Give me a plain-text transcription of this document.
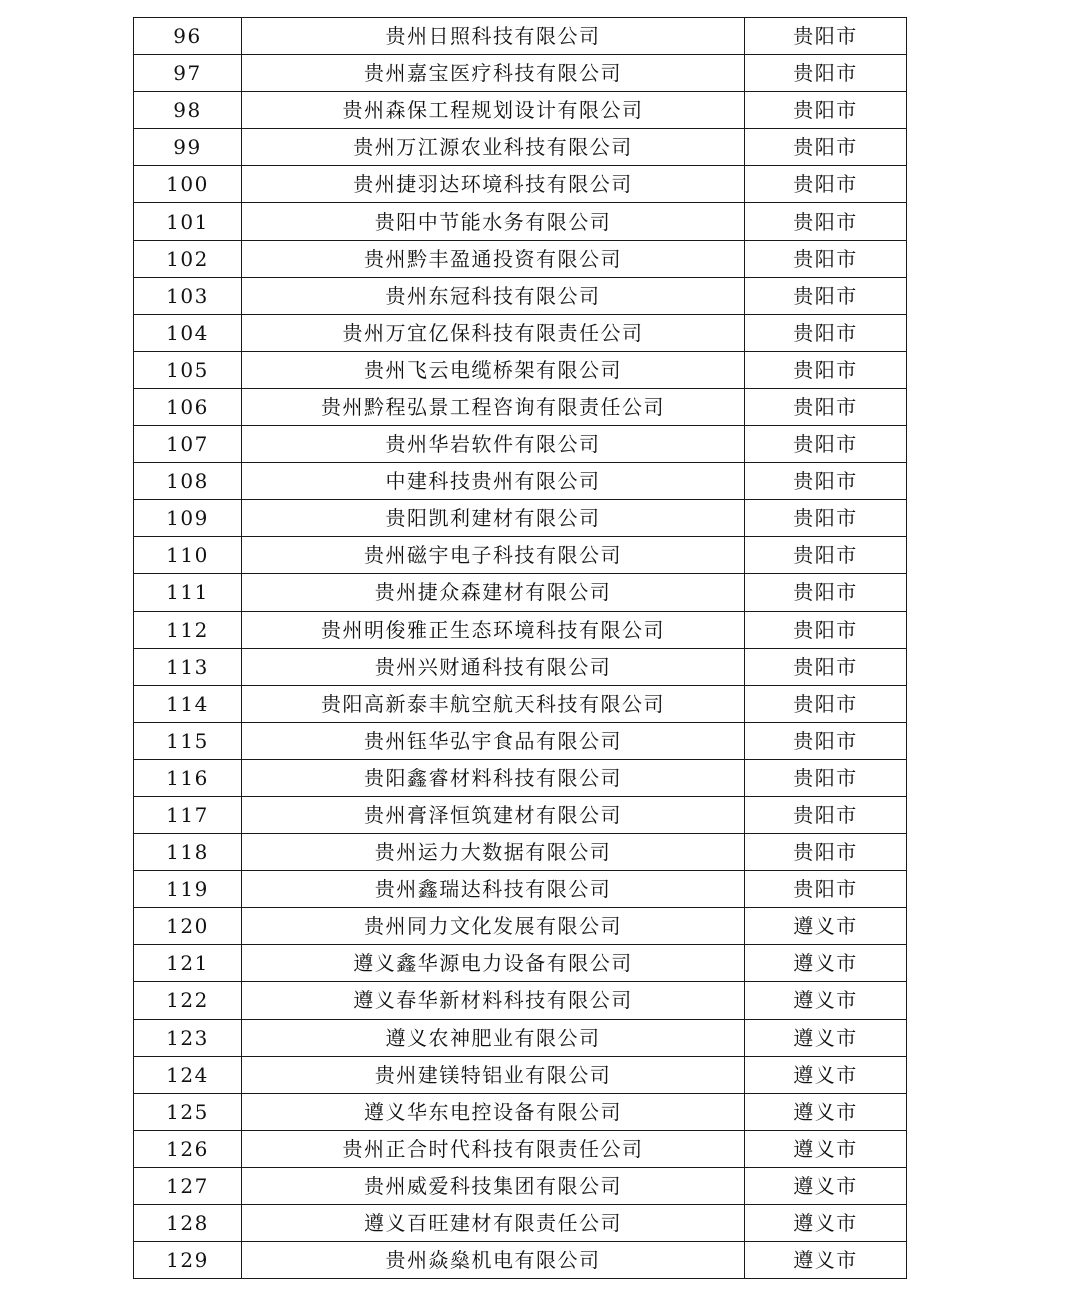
96	贵州日照科技有限公司	贵阳市
97	贵州嘉宝医疗科技有限公司	贵阳市
98	贵州森保工程规划设计有限公司	贵阳市
99	贵州万江源农业科技有限公司	贵阳市
100	贵州捷羽达环境科技有限公司	贵阳市
101	贵阳中节能水务有限公司	贵阳市
102	贵州黔丰盈通投资有限公司	贵阳市
103	贵州东冠科技有限公司	贵阳市
104	贵州万宜亿保科技有限责任公司	贵阳市
105	贵州飞云电缆桥架有限公司	贵阳市
106	贵州黔程弘景工程咨询有限责任公司	贵阳市
107	贵州华岩软件有限公司	贵阳市
108	中建科技贵州有限公司	贵阳市
109	贵阳凯利建材有限公司	贵阳市
110	贵州磁宇电子科技有限公司	贵阳市
111	贵州捷众森建材有限公司	贵阳市
112	贵州明俊雅正生态环境科技有限公司	贵阳市
113	贵州兴财通科技有限公司	贵阳市
114	贵阳高新泰丰航空航天科技有限公司	贵阳市
115	贵州钰华弘宇食品有限公司	贵阳市
116	贵阳鑫睿材料科技有限公司	贵阳市
117	贵州膏泽恒筑建材有限公司	贵阳市
118	贵州运力大数据有限公司	贵阳市
119	贵州鑫瑞达科技有限公司	贵阳市
120	贵州同力文化发展有限公司	遵义市
121	遵义鑫华源电力设备有限公司	遵义市
122	遵义春华新材料科技有限公司	遵义市
123	遵义农神肥业有限公司	遵义市
124	贵州建镁特铝业有限公司	遵义市
125	遵义华东电控设备有限公司	遵义市
126	贵州正合时代科技有限责任公司	遵义市
127	贵州威爱科技集团有限公司	遵义市
128	遵义百旺建材有限责任公司	遵义市
129	贵州焱燊机电有限公司	遵义市
